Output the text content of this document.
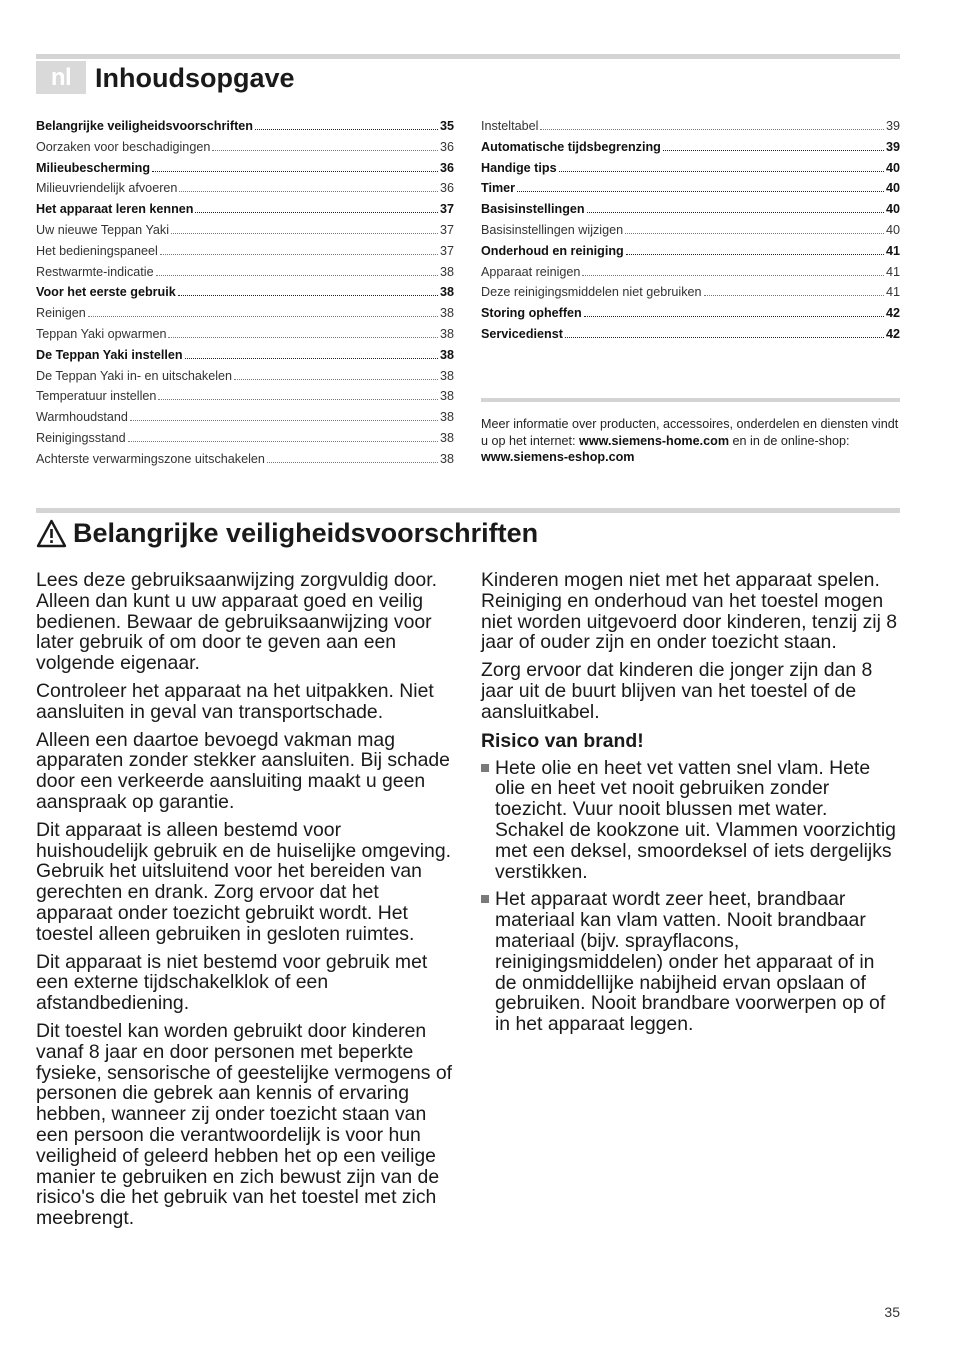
nl Inhoudsopgave
Belangrijke veiligheidsvoorschriften	35
Oorzaken voor beschadigingen	36
Milieubescherming	36
Milieuvriendelijk afvoeren	36
Het apparaat leren kennen	37
Uw nieuwe Teppan Yaki	37
Het bedieningspaneel	37
Restwarmte-indicatie	38
Voor het eerste gebruik	38
Reinigen	38
Teppan Yaki opwarmen	38
De Teppan Yaki instellen	38
De Teppan Yaki in- en uitschakelen	38
Temperatuur instellen	38
Warmhoudstand	38
Reinigingsstand	38
Achterste verwarmingszone uitschakelen	38
Insteltabel	39
Automatische tijdsbegrenzing	39
Handige tips	40
Timer	40
Basisinstellingen	40
Basisinstellingen wijzigen	40
Onderhoud en reiniging	41
Apparaat reinigen	41
Deze reinigingsmiddelen niet gebruiken	41
Storing opheffen	42
Servicedienst	42

Meer informatie over producten, accessoires, onderdelen en diensten vindt u op het internet: www.siemens-home.com en in de online-shop: www.siemens-eshop.com

Belangrijke veiligheidsvoorschriften

Lees deze gebruiksaanwijzing zorgvuldig door. Alleen dan kunt u uw apparaat goed en veilig bedienen. Bewaar de gebruiksaanwijzing voor later gebruik of om door te geven aan een volgende eigenaar.

Controleer het apparaat na het uitpakken. Niet aansluiten in geval van transportschade.

Alleen een daartoe bevoegd vakman mag apparaten zonder stekker aansluiten. Bij schade door een verkeerde aansluiting maakt u geen aanspraak op garantie.

Dit apparaat is alleen bestemd voor huishoudelijk gebruik en de huiselijke omgeving. Gebruik het uitsluitend voor het bereiden van gerechten en drank. Zorg ervoor dat het apparaat onder toezicht gebruikt wordt. Het toestel alleen gebruiken in gesloten ruimtes.

Dit apparaat is niet bestemd voor gebruik met een externe tijdschakelklok of een afstandbediening.

Dit toestel kan worden gebruikt door kinderen vanaf 8 jaar en door personen met beperkte fysieke, sensorische of geestelijke vermogens of personen die gebrek aan kennis of ervaring hebben, wanneer zij onder toezicht staan van een persoon die verantwoordelijk is voor hun veiligheid of geleerd hebben het op een veilige manier te gebruiken en zich bewust zijn van de risico's die het gebruik van het toestel met zich meebrengt.

Kinderen mogen niet met het apparaat spelen. Reiniging en onderhoud van het toestel mogen niet worden uitgevoerd door kinderen, tenzij zij 8 jaar of ouder zijn en onder toezicht staan.

Zorg ervoor dat kinderen die jonger zijn dan 8 jaar uit de buurt blijven van het toestel of de aansluitkabel.

Risico van brand!
Hete olie en heet vet vatten snel vlam. Hete olie en heet vet nooit gebruiken zonder toezicht. Vuur nooit blussen met water. Schakel de kookzone uit. Vlammen voorzichtig met een deksel, smoordeksel of iets dergelijks verstikken.
Het apparaat wordt zeer heet, brandbaar materiaal kan vlam vatten. Nooit brandbaar materiaal (bijv. sprayflacons, reinigingsmiddelen) onder het apparaat of in de onmiddellijke nabijheid ervan opslaan of gebruiken. Nooit brandbare voorwerpen op of in het apparaat leggen.
35
